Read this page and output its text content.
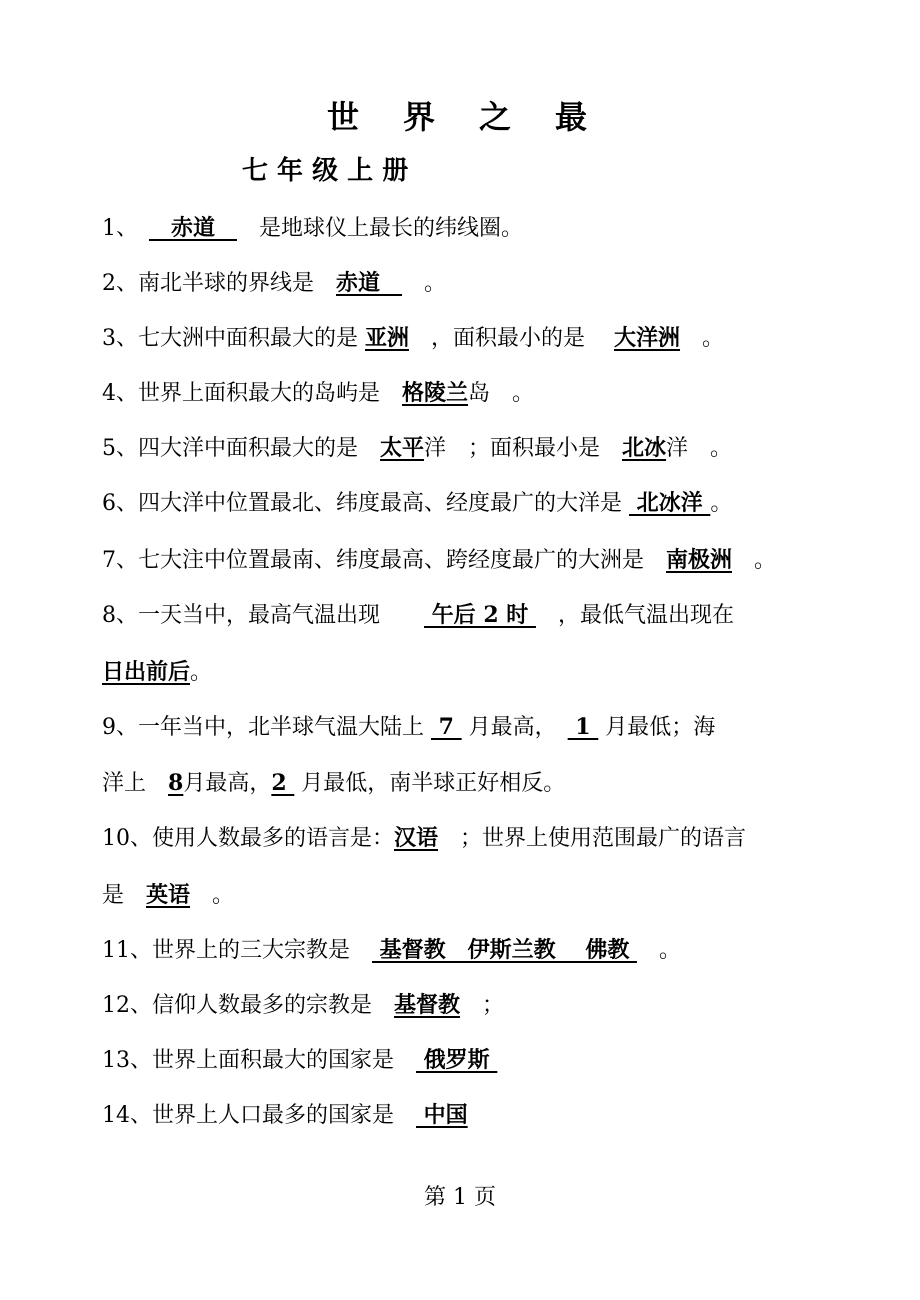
世　界　之　最
七 年 级 上 册
1、　　赤道　　是地球仪上最长的纬线圈。
2、南北半球的界线是　赤道　　。
3、七大洲中面积最大的是 亚洲　，面积最小的是　 大洋洲　。
4、世界上面积最大的岛屿是　格陵兰岛　。
5、四大洋中面积最大的是　太平洋　；面积最小是　北冰洋　。
6、四大洋中位置最北、纬度最高、经度最广的大洋是  北冰洋 。
7、七大注中位置最南、纬度最高、跨经度最广的大洲是　南极洲　。
8、一天当中，最高气温出现　　 午后 2 时 　，最低气温出现在
日出前后。
9、一年当中，北半球气温大陆上  7  月最高，　 1  月最低；海
洋上　8月最高，2  月最低，南半球正好相反。
10、使用人数最多的语言是：汉语　；世界上使用范围最广的语言
是　英语　。
11、世界上的三大宗教是　 基督教　伊斯兰教　 佛教 　。
12、信仰人数最多的宗教是　基督教　；
13、世界上面积最大的国家是　 俄罗斯
14、世界上人口最多的国家是　 中国
第 1 页
